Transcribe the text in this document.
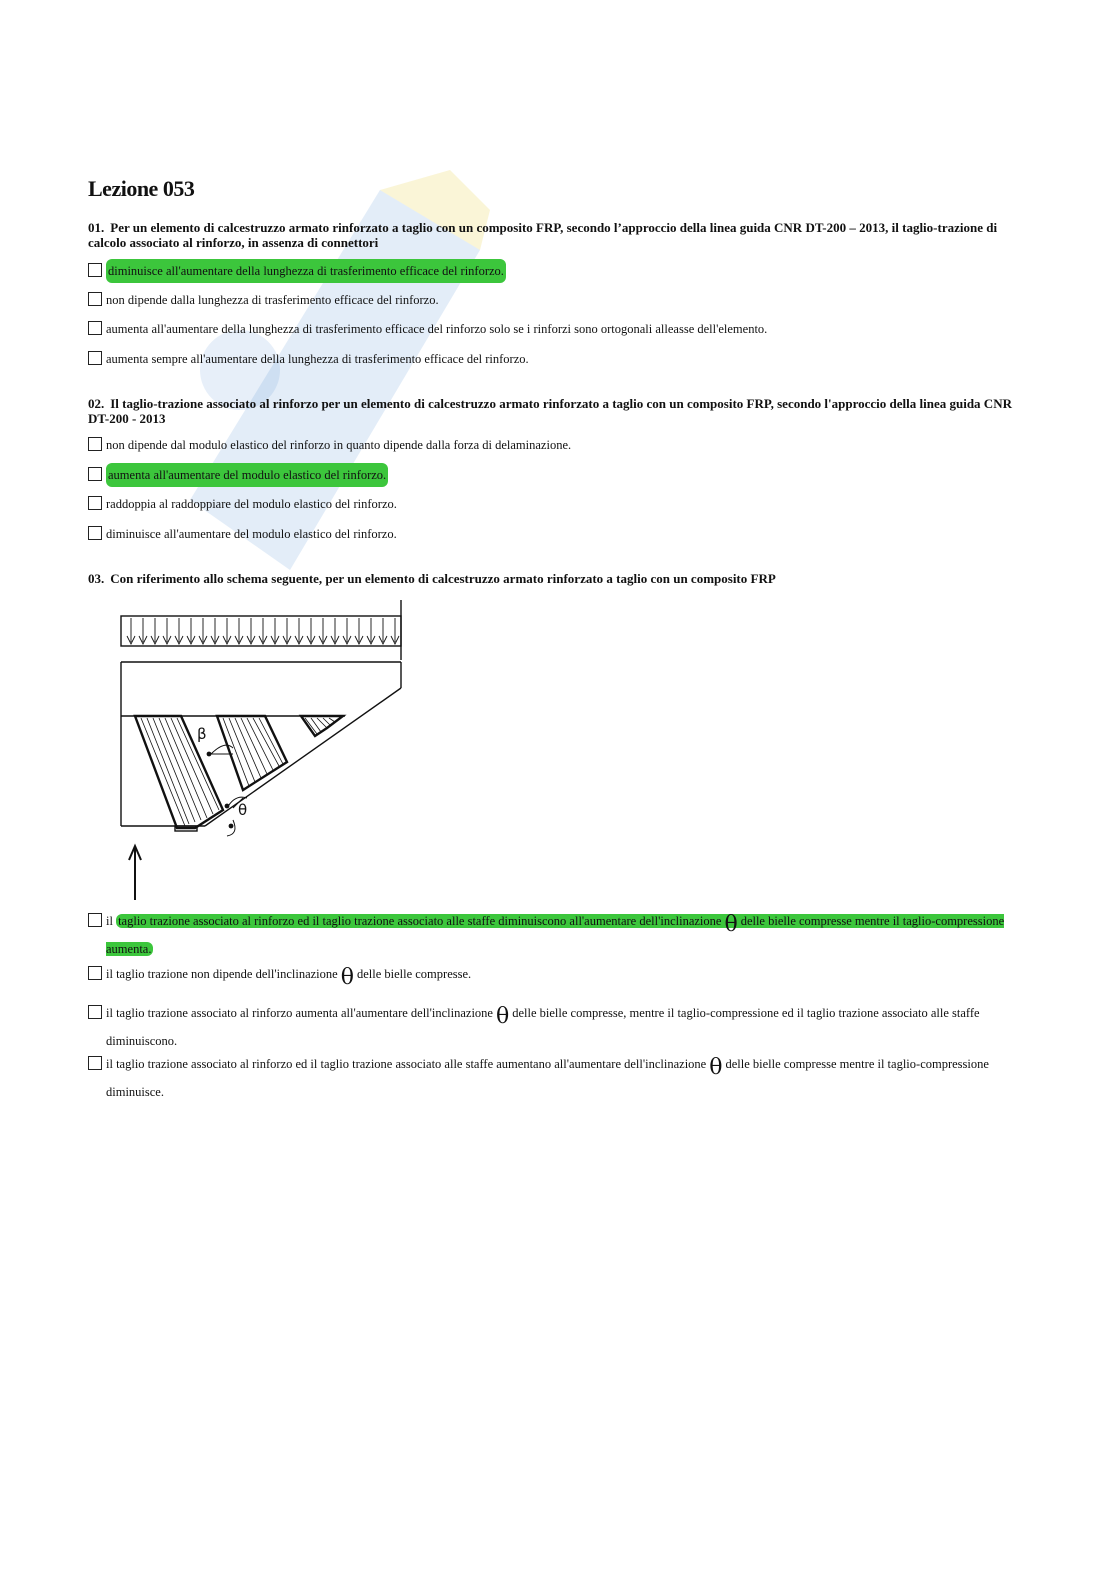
Lezione 053
01. Per un elemento di calcestruzzo armato rinforzato a taglio con un composito FRP, secondo l’approccio della linea guida CNR DT-200 – 2013, il taglio-trazione di calcolo associato al rinforzo, in assenza di connettori
diminuisce all'aumentare della lunghezza di trasferimento efficace del rinforzo.
non dipende dalla lunghezza di trasferimento efficace del rinforzo.
aumenta all'aumentare della lunghezza di trasferimento efficace del rinforzo solo se i rinforzi sono ortogonali alleasse dell'elemento.
aumenta sempre all'aumentare della lunghezza di trasferimento efficace del rinforzo.
02. Il taglio-trazione associato al rinforzo per un elemento di calcestruzzo armato rinforzato a taglio con un composito FRP, secondo l'approccio della linea guida CNR DT-200 - 2013
non dipende dal modulo elastico del rinforzo in quanto dipende dalla forza di delaminazione.
aumenta all'aumentare del modulo elastico del rinforzo.
raddoppia al raddoppiare del modulo elastico del rinforzo.
diminuisce all'aumentare del modulo elastico del rinforzo.
03. Con riferimento allo schema seguente, per un elemento di calcestruzzo armato rinforzato a taglio con un composito FRP
β
θ
il taglio trazione associato al rinforzo ed il taglio trazione associato alle staffe diminuiscono all'aumentare dell'inclinazione θ delle bielle compresse mentre il taglio-compressione aumenta.
il taglio trazione non dipende dell'inclinazione θ delle bielle compresse.
il taglio trazione associato al rinforzo aumenta all'aumentare dell'inclinazione θ delle bielle compresse, mentre il taglio-compressione ed il taglio trazione associato alle staffe diminuiscono.
il taglio trazione associato al rinforzo ed il taglio trazione associato alle staffe aumentano all'aumentare dell'inclinazione θ delle bielle compresse mentre il taglio-compressione diminuisce.
